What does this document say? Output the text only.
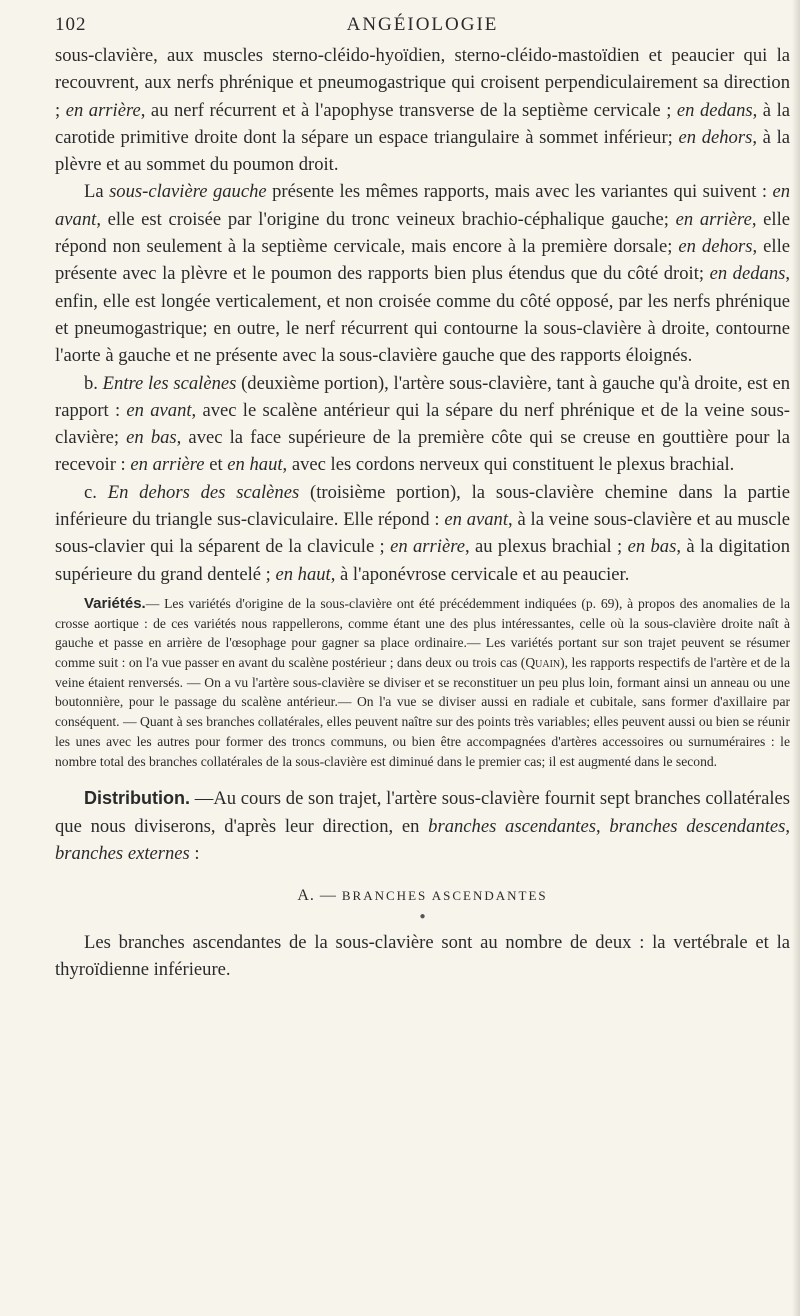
102	ANGÉIOLOGIE

sous-clavière, aux muscles sterno-cléido-hyoïdien, sterno-cléido-mastoïdien et peaucier qui la recouvrent, aux nerfs phrénique et pneumogastrique qui croisent perpendiculairement sa direction ; en arrière, au nerf récurrent et à l'apophyse transverse de la septième cervicale ; en dedans, à la carotide primitive droite dont la sépare un espace triangulaire à sommet inférieur; en dehors, à la plèvre et au sommet du poumon droit.

La sous-clavière gauche présente les mêmes rapports, mais avec les variantes qui suivent : en avant, elle est croisée par l'origine du tronc veineux brachio-céphalique gauche; en arrière, elle répond non seulement à la septième cervicale, mais encore à la première dorsale; en dehors, elle présente avec la plèvre et le poumon des rapports bien plus étendus que du côté droit; en dedans, enfin, elle est longée verticalement, et non croisée comme du côté opposé, par les nerfs phrénique et pneumogastrique; en outre, le nerf récurrent qui contourne la sous-clavière à droite, contourne l'aorte à gauche et ne présente avec la sous-clavière gauche que des rapports éloignés.

b. Entre les scalènes (deuxième portion), l'artère sous-clavière, tant à gauche qu'à droite, est en rapport : en avant, avec le scalène antérieur qui la sépare du nerf phrénique et de la veine sous-clavière; en bas, avec la face supérieure de la première côte qui se creuse en gouttière pour la recevoir : en arrière et en haut, avec les cordons nerveux qui constituent le plexus brachial.

c. En dehors des scalènes (troisième portion), la sous-clavière chemine dans la partie inférieure du triangle sus-claviculaire. Elle répond : en avant, à la veine sous-clavière et au muscle sous-clavier qui la séparent de la clavicule ; en arrière, au plexus brachial ; en bas, à la digitation supérieure du grand dentelé ; en haut, à l'aponévrose cervicale et au peaucier.

Variétés.— Les variétés d'origine de la sous-clavière ont été précédemment indiquées (p. 69), à propos des anomalies de la crosse aortique : de ces variétés nous rappellerons, comme étant une des plus intéressantes, celle où la sous-clavière droite naît à gauche et passe en arrière de l'œsophage pour gagner sa place ordinaire.— Les variétés portant sur son trajet peuvent se résumer comme suit : on l'a vue passer en avant du scalène postérieur ; dans deux ou trois cas (Quain), les rapports respectifs de l'artère et de la veine étaient renversés. — On a vu l'artère sous-clavière se diviser et se reconstituer un peu plus loin, formant ainsi un anneau ou une boutonnière, pour le passage du scalène antérieur.— On l'a vue se diviser aussi en radiale et cubitale, sans former d'axillaire par conséquent. — Quant à ses branches collatérales, elles peuvent naître sur des points très variables; elles peuvent aussi ou bien se réunir les unes avec les autres pour former des troncs communs, ou bien être accompagnées d'artères accessoires ou surnuméraires : le nombre total des branches collatérales de la sous-clavière est diminué dans le premier cas; il est augmenté dans le second.

Distribution. —Au cours de son trajet, l'artère sous-clavière fournit sept branches collatérales que nous diviserons, d'après leur direction, en branches ascendantes, branches descendantes, branches externes :

A. — BRANCHES ASCENDANTES
●

Les branches ascendantes de la sous-clavière sont au nombre de deux : la vertébrale et la thyroïdienne inférieure.
